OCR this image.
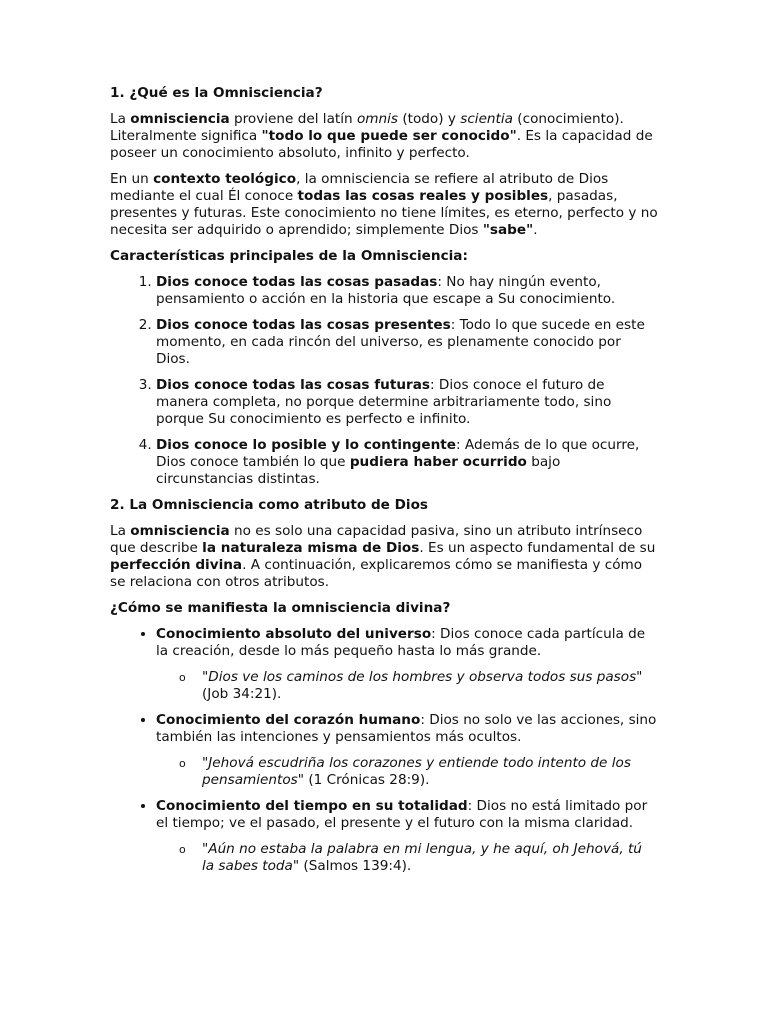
1. ¿Qué es la Omnisciencia?

La omnisciencia proviene del latín omnis (todo) y scientia (conocimiento). Literalmente significa "todo lo que puede ser conocido". Es la capacidad de poseer un conocimiento absoluto, infinito y perfecto.

En un contexto teológico, la omnisciencia se refiere al atributo de Dios mediante el cual Él conoce todas las cosas reales y posibles, pasadas, presentes y futuras. Este conocimiento no tiene límites, es eterno, perfecto y no necesita ser adquirido o aprendido; simplemente Dios "sabe".

Características principales de la Omnisciencia:
1. Dios conoce todas las cosas pasadas: No hay ningún evento, pensamiento o acción en la historia que escape a Su conocimiento.
2. Dios conoce todas las cosas presentes: Todo lo que sucede en este momento, en cada rincón del universo, es plenamente conocido por Dios.
3. Dios conoce todas las cosas futuras: Dios conoce el futuro de manera completa, no porque determine arbitrariamente todo, sino porque Su conocimiento es perfecto e infinito.
4. Dios conoce lo posible y lo contingente: Además de lo que ocurre, Dios conoce también lo que pudiera haber ocurrido bajo circunstancias distintas.
2. La Omnisciencia como atributo de Dios

La omnisciencia no es solo una capacidad pasiva, sino un atributo intrínseco que describe la naturaleza misma de Dios. Es un aspecto fundamental de su perfección divina. A continuación, explicaremos cómo se manifiesta y cómo se relaciona con otros atributos.

¿Cómo se manifiesta la omnisciencia divina?
• Conocimiento absoluto del universo: Dios conoce cada partícula de la creación, desde lo más pequeño hasta lo más grande.
o "Dios ve los caminos de los hombres y observa todos sus pasos" (Job 34:21).
• Conocimiento del corazón humano: Dios no solo ve las acciones, sino también las intenciones y pensamientos más ocultos.
o "Jehová escudriña los corazones y entiende todo intento de los pensamientos" (1 Crónicas 28:9).
• Conocimiento del tiempo en su totalidad: Dios no está limitado por el tiempo; ve el pasado, el presente y el futuro con la misma claridad.
o "Aún no estaba la palabra en mi lengua, y he aquí, oh Jehová, tú la sabes toda" (Salmos 139:4).
